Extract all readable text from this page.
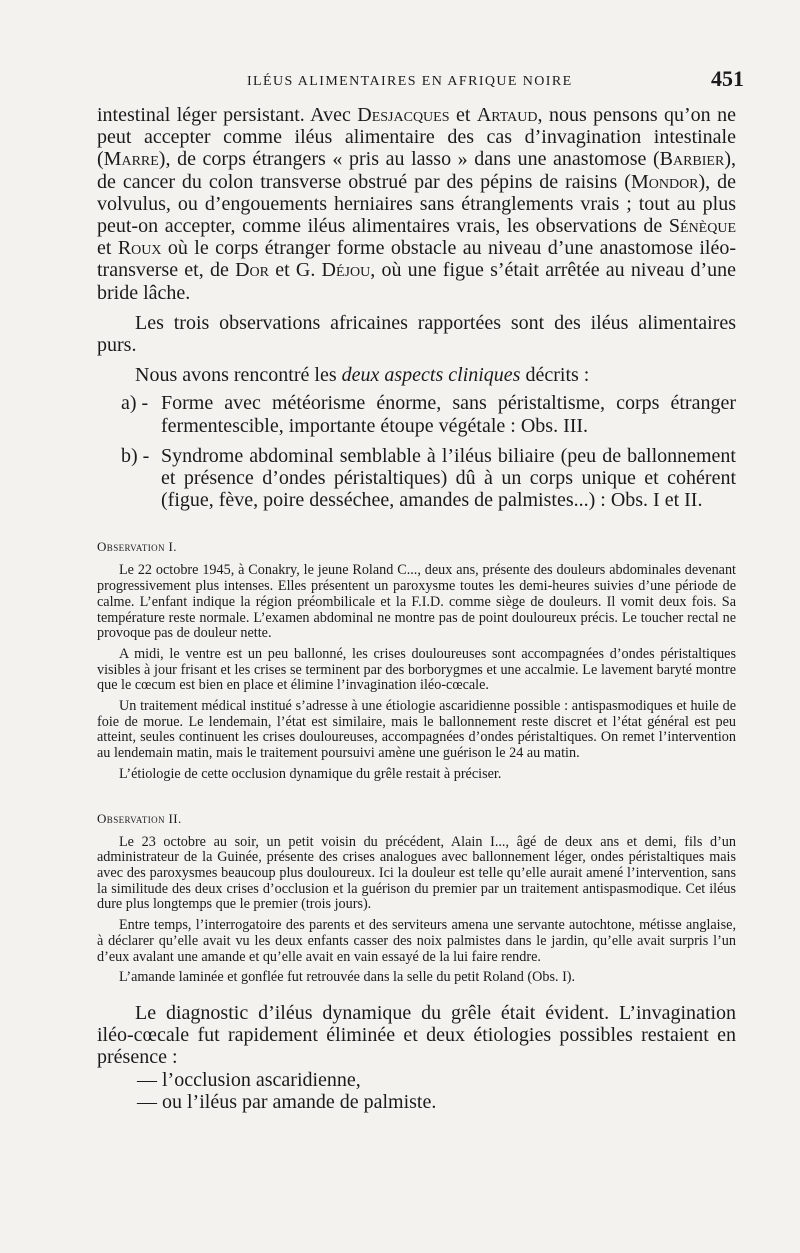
ILÉUS ALIMENTAIRES EN AFRIQUE NOIRE	451

intestinal léger persistant. Avec Desjacques et Artaud, nous pensons qu’on ne peut accepter comme iléus alimentaire des cas d’invagination intestinale (Marre), de corps étrangers « pris au lasso » dans une anastomose (Barbier), de cancer du colon transverse obstrué par des pépins de raisins (Mondor), de volvulus, ou d’engouements herniaires sans étranglements vrais ; tout au plus peut-on accepter, comme iléus alimentaires vrais, les observations de Sénèque et Roux où le corps étranger forme obstacle au niveau d’une anastomose iléo-transverse et, de Dor et G. Déjou, où une figue s’était arrêtée au niveau d’une bride lâche.

Les trois observations africaines rapportées sont des iléus alimentaires purs.

Nous avons rencontré les deux aspects cliniques décrits :

a) - Forme avec météorisme énorme, sans péristaltisme, corps étranger fermentescible, importante étoupe végétale : Obs. III.
b) - Syndrome abdominal semblable à l’iléus biliaire (peu de ballonnement et présence d’ondes péristaltiques) dû à un corps unique et cohérent (figue, fève, poire desséchee, amandes de palmistes...) : Obs. I et II.
Observation I.

Le 22 octobre 1945, à Conakry, le jeune Roland C..., deux ans, présente des douleurs abdominales devenant progressivement plus intenses. Elles présentent un paroxysme toutes les demi-heures suivies d’une période de calme. L’enfant indique la région préombilicale et la F.I.D. comme siège de douleurs. Il vomit deux fois. Sa température reste normale. L’examen abdominal ne montre pas de point douloureux précis. Le toucher rectal ne provoque pas de douleur nette.

A midi, le ventre est un peu ballonné, les crises douloureuses sont accompagnées d’ondes péristaltiques visibles à jour frisant et les crises se terminent par des borborygmes et une accalmie. Le lavement baryté montre que le cœcum est bien en place et élimine l’invagination iléo-cœcale.

Un traitement médical institué s’adresse à une étiologie ascaridienne possible : antispasmodiques et huile de foie de morue. Le lendemain, l’état est similaire, mais le ballonnement reste discret et l’état général est peu atteint, seules continuent les crises douloureuses, accompagnées d’ondes péristaltiques. On remet l’intervention au lendemain matin, mais le traitement poursuivi amène une guérison le 24 au matin.

L’étiologie de cette occlusion dynamique du grêle restait à préciser.

Observation II.

Le 23 octobre au soir, un petit voisin du précédent, Alain I..., âgé de deux ans et demi, fils d’un administrateur de la Guinée, présente des crises analogues avec ballonnement léger, ondes péristaltiques mais avec des paroxysmes beaucoup plus douloureux. Ici la douleur est telle qu’elle aurait amené l’intervention, sans la similitude des deux crises d’occlusion et la guérison du premier par un traitement antispasmodique. Cet iléus dure plus longtemps que le premier (trois jours).

Entre temps, l’interrogatoire des parents et des serviteurs amena une servante autochtone, métisse anglaise, à déclarer qu’elle avait vu les deux enfants casser des noix palmistes dans le jardin, qu’elle avait surpris l’un d’eux avalant une amande et qu’elle avait en vain essayé de la lui faire rendre.

L’amande laminée et gonflée fut retrouvée dans la selle du petit Roland (Obs. I).

Le diagnostic d’iléus dynamique du grêle était évident. L’invagination iléo-cœcale fut rapidement éliminée et deux étiologies possibles restaient en présence :

— l’occlusion ascaridienne,
— ou l’iléus par amande de palmiste.
